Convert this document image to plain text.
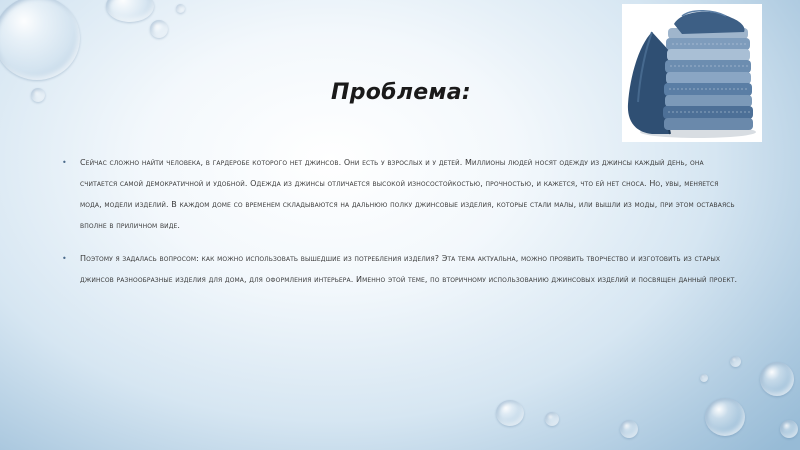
Проблема:

• Сейчас сложно найти человека, в гардеробе которого нет джинсов. Они есть у взрослых и у детей. Миллионы людей носят одежду из джинсы каждый день, она считается самой демократичной и удобной. Одежда из джинсы отличается высокой износостойкостью, прочностью, и кажется, что ей нет сноса. Но, увы, меняется мода, модели изделий. В каждом доме со временем складываются на дальнюю полку джинсовые изделия, которые стали малы, или вышли из моды, при этом оставаясь вполне в приличном виде.

• Поэтому я задалась вопросом: как можно использовать вышедшие из потребления изделия? Эта тема актуальна, можно проявить творчество и изготовить из старых джинсов разнообразные изделия для дома, для оформления интерьера. Именно этой теме, по вторичному использованию джинсовых изделий и посвящен данный проект.
